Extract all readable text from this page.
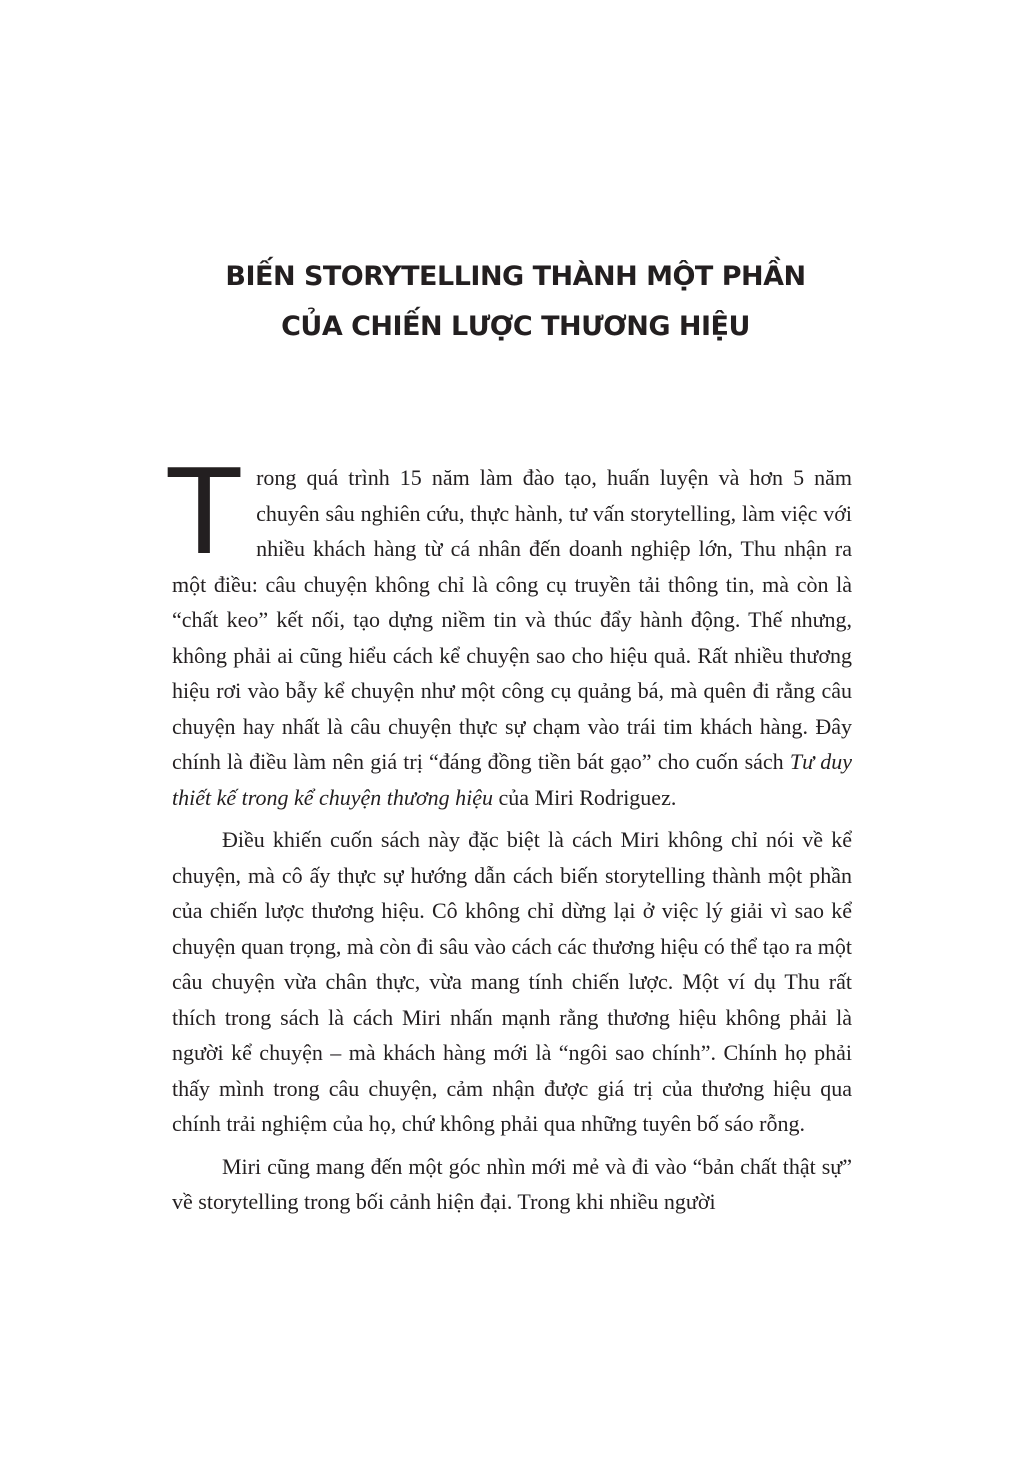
BIẾN STORYTELLING THÀNH MỘT PHẦN
CỦA CHIẾN LƯỢC THƯƠNG HIỆU

Trong quá trình 15 năm làm đào tạo, huấn luyện và hơn 5 năm chuyên sâu nghiên cứu, thực hành, tư vấn storytelling, làm việc với nhiều khách hàng từ cá nhân đến doanh nghiệp lớn, Thu nhận ra một điều: câu chuyện không chỉ là công cụ truyền tải thông tin, mà còn là “chất keo” kết nối, tạo dựng niềm tin và thúc đẩy hành động. Thế nhưng, không phải ai cũng hiểu cách kể chuyện sao cho hiệu quả. Rất nhiều thương hiệu rơi vào bẫy kể chuyện như một công cụ quảng bá, mà quên đi rằng câu chuyện hay nhất là câu chuyện thực sự chạm vào trái tim khách hàng. Đây chính là điều làm nên giá trị “đáng đồng tiền bát gạo” cho cuốn sách Tư duy thiết kế trong kể chuyện thương hiệu của Miri Rodriguez.

Điều khiến cuốn sách này đặc biệt là cách Miri không chỉ nói về kể chuyện, mà cô ấy thực sự hướng dẫn cách biến storytelling thành một phần của chiến lược thương hiệu. Cô không chỉ dừng lại ở việc lý giải vì sao kể chuyện quan trọng, mà còn đi sâu vào cách các thương hiệu có thể tạo ra một câu chuyện vừa chân thực, vừa mang tính chiến lược. Một ví dụ Thu rất thích trong sách là cách Miri nhấn mạnh rằng thương hiệu không phải là người kể chuyện – mà khách hàng mới là “ngôi sao chính”. Chính họ phải thấy mình trong câu chuyện, cảm nhận được giá trị của thương hiệu qua chính trải nghiệm của họ, chứ không phải qua những tuyên bố sáo rỗng.

Miri cũng mang đến một góc nhìn mới mẻ và đi vào “bản chất thật sự” về storytelling trong bối cảnh hiện đại. Trong khi nhiều người
